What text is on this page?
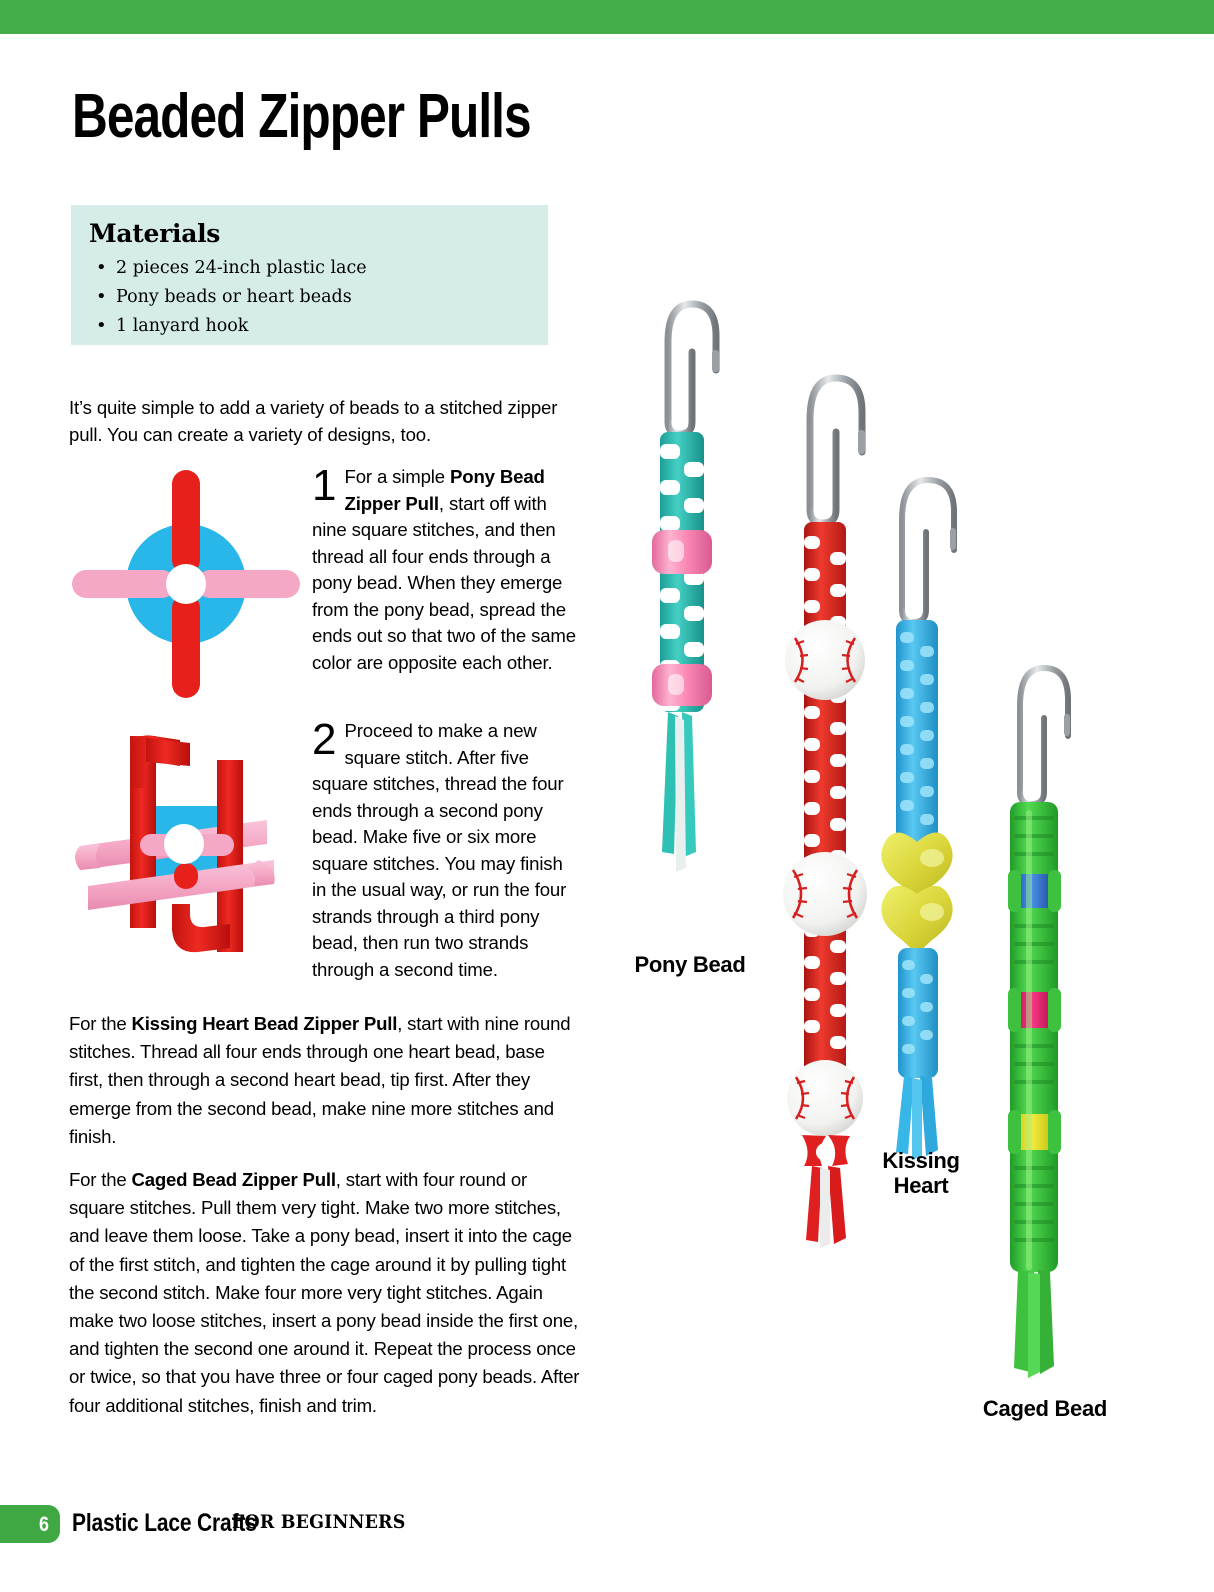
Beaded Zipper Pulls
Materials
• 2 pieces 24-inch plastic lace
• Pony beads or heart beads
• 1 lanyard hook
It’s quite simple to add a variety of beads to a stitched zipper pull. You can create a variety of designs, too.
1 For a simple Pony Bead Zipper Pull, start off with nine square stitches, and then thread all four ends through a pony bead. When they emerge from the pony bead, spread the ends out so that two of the same color are opposite each other.
2 Proceed to make a new square stitch. After five square stitches, thread the four ends through a second pony bead. Make five or six more square stitches. You may finish in the usual way, or run the four strands through a third pony bead, then run two strands through a second time.
For the Kissing Heart Bead Zipper Pull, start with nine round stitches. Thread all four ends through one heart bead, base first, then through a second heart bead, tip first. After they emerge from the second bead, make nine more stitches and finish.
For the Caged Bead Zipper Pull, start with four round or square stitches. Pull them very tight. Make two more stitches, and leave them loose. Take a pony bead, insert it into the cage of the first stitch, and tighten the cage around it by pulling tight the second stitch. Make four more very tight stitches. Again make two loose stitches, insert a pony bead inside the first one, and tighten the second one around it. Repeat the process once or twice, so that you have three or four caged pony beads. After four additional stitches, finish and trim.
Pony Bead
Kissing
Heart
Caged Bead
6 Plastic Lace Crafts
FOR BEGINNERS
